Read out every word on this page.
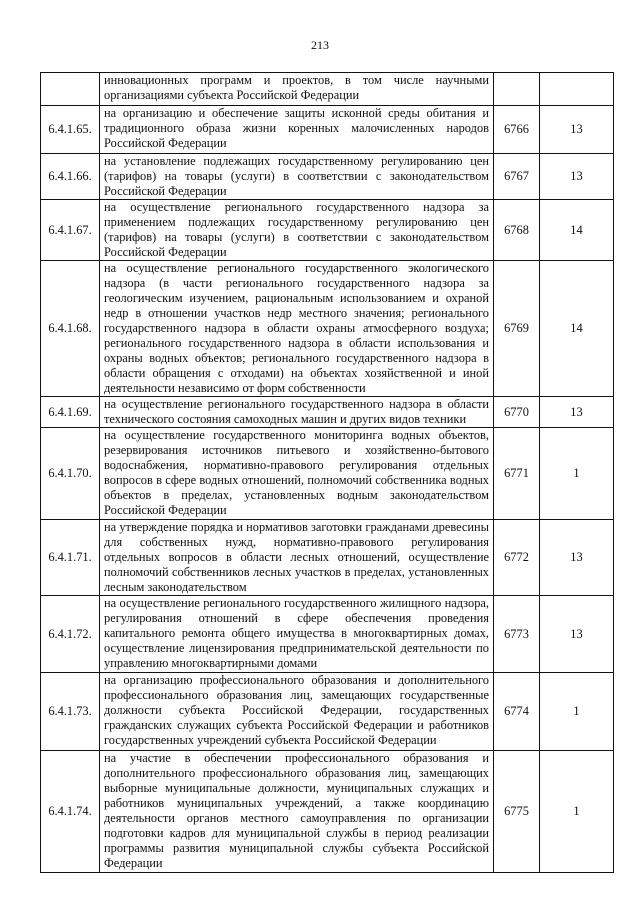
213
	инновационных программ и проектов, в том числе научными организациями субъекта Российской Федерации		
6.4.1.65.	на организацию и обеспечение защиты исконной среды обитания и традиционного образа жизни коренных малочисленных народов Российской Федерации	6766	13
6.4.1.66.	на установление подлежащих государственному регулированию цен (тарифов) на товары (услуги) в соответствии с законодательством Российской Федерации	6767	13
6.4.1.67.	на осуществление регионального государственного надзора за применением подлежащих государственному регулированию цен (тарифов) на товары (услуги) в соответствии с законодательством Российской Федерации	6768	14
6.4.1.68.	на осуществление регионального государственного экологического надзора (в части регионального государственного надзора за геологическим изучением, рациональным использованием и охраной недр в отношении участков недр местного значения; регионального государственного надзора в области охраны атмосферного воздуха; регионального государственного надзора в области использования и охраны водных объектов; регионального государственного надзора в области обращения с отходами) на объектах хозяйственной и иной деятельности независимо от форм собственности	6769	14
6.4.1.69.	на осуществление регионального государственного надзора в области технического состояния самоходных машин и других видов техники	6770	13
6.4.1.70.	на осуществление государственного мониторинга водных объектов, резервирования источников питьевого и хозяйственно-бытового водоснабжения, нормативно-правового регулирования отдельных вопросов в сфере водных отношений, полномочий собственника водных объектов в пределах, установленных водным законодательством Российской Федерации	6771	1
6.4.1.71.	на утверждение порядка и нормативов заготовки гражданами древесины для собственных нужд, нормативно-правового регулирования отдельных вопросов в области лесных отношений, осуществление полномочий собственников лесных участков в пределах, установленных лесным законодательством	6772	13
6.4.1.72.	на осуществление регионального государственного жилищного надзора, регулирования отношений в сфере обеспечения проведения капитального ремонта общего имущества в многоквартирных домах, осуществление лицензирования предпринимательской деятельности по управлению многоквартирными домами	6773	13
6.4.1.73.	на организацию профессионального образования и дополнительного профессионального образования лиц, замещающих государственные должности субъекта Российской Федерации, государственных гражданских служащих субъекта Российской Федерации и работников государственных учреждений субъекта Российской Федерации	6774	1
6.4.1.74.	на участие в обеспечении профессионального образования и дополнительного профессионального образования лиц, замещающих выборные муниципальные должности, муниципальных служащих и работников муниципальных учреждений, а также координацию деятельности органов местного самоуправления по организации подготовки кадров для муниципальной службы в период реализации программы развития муниципальной службы субъекта Российской Федерации	6775	1
